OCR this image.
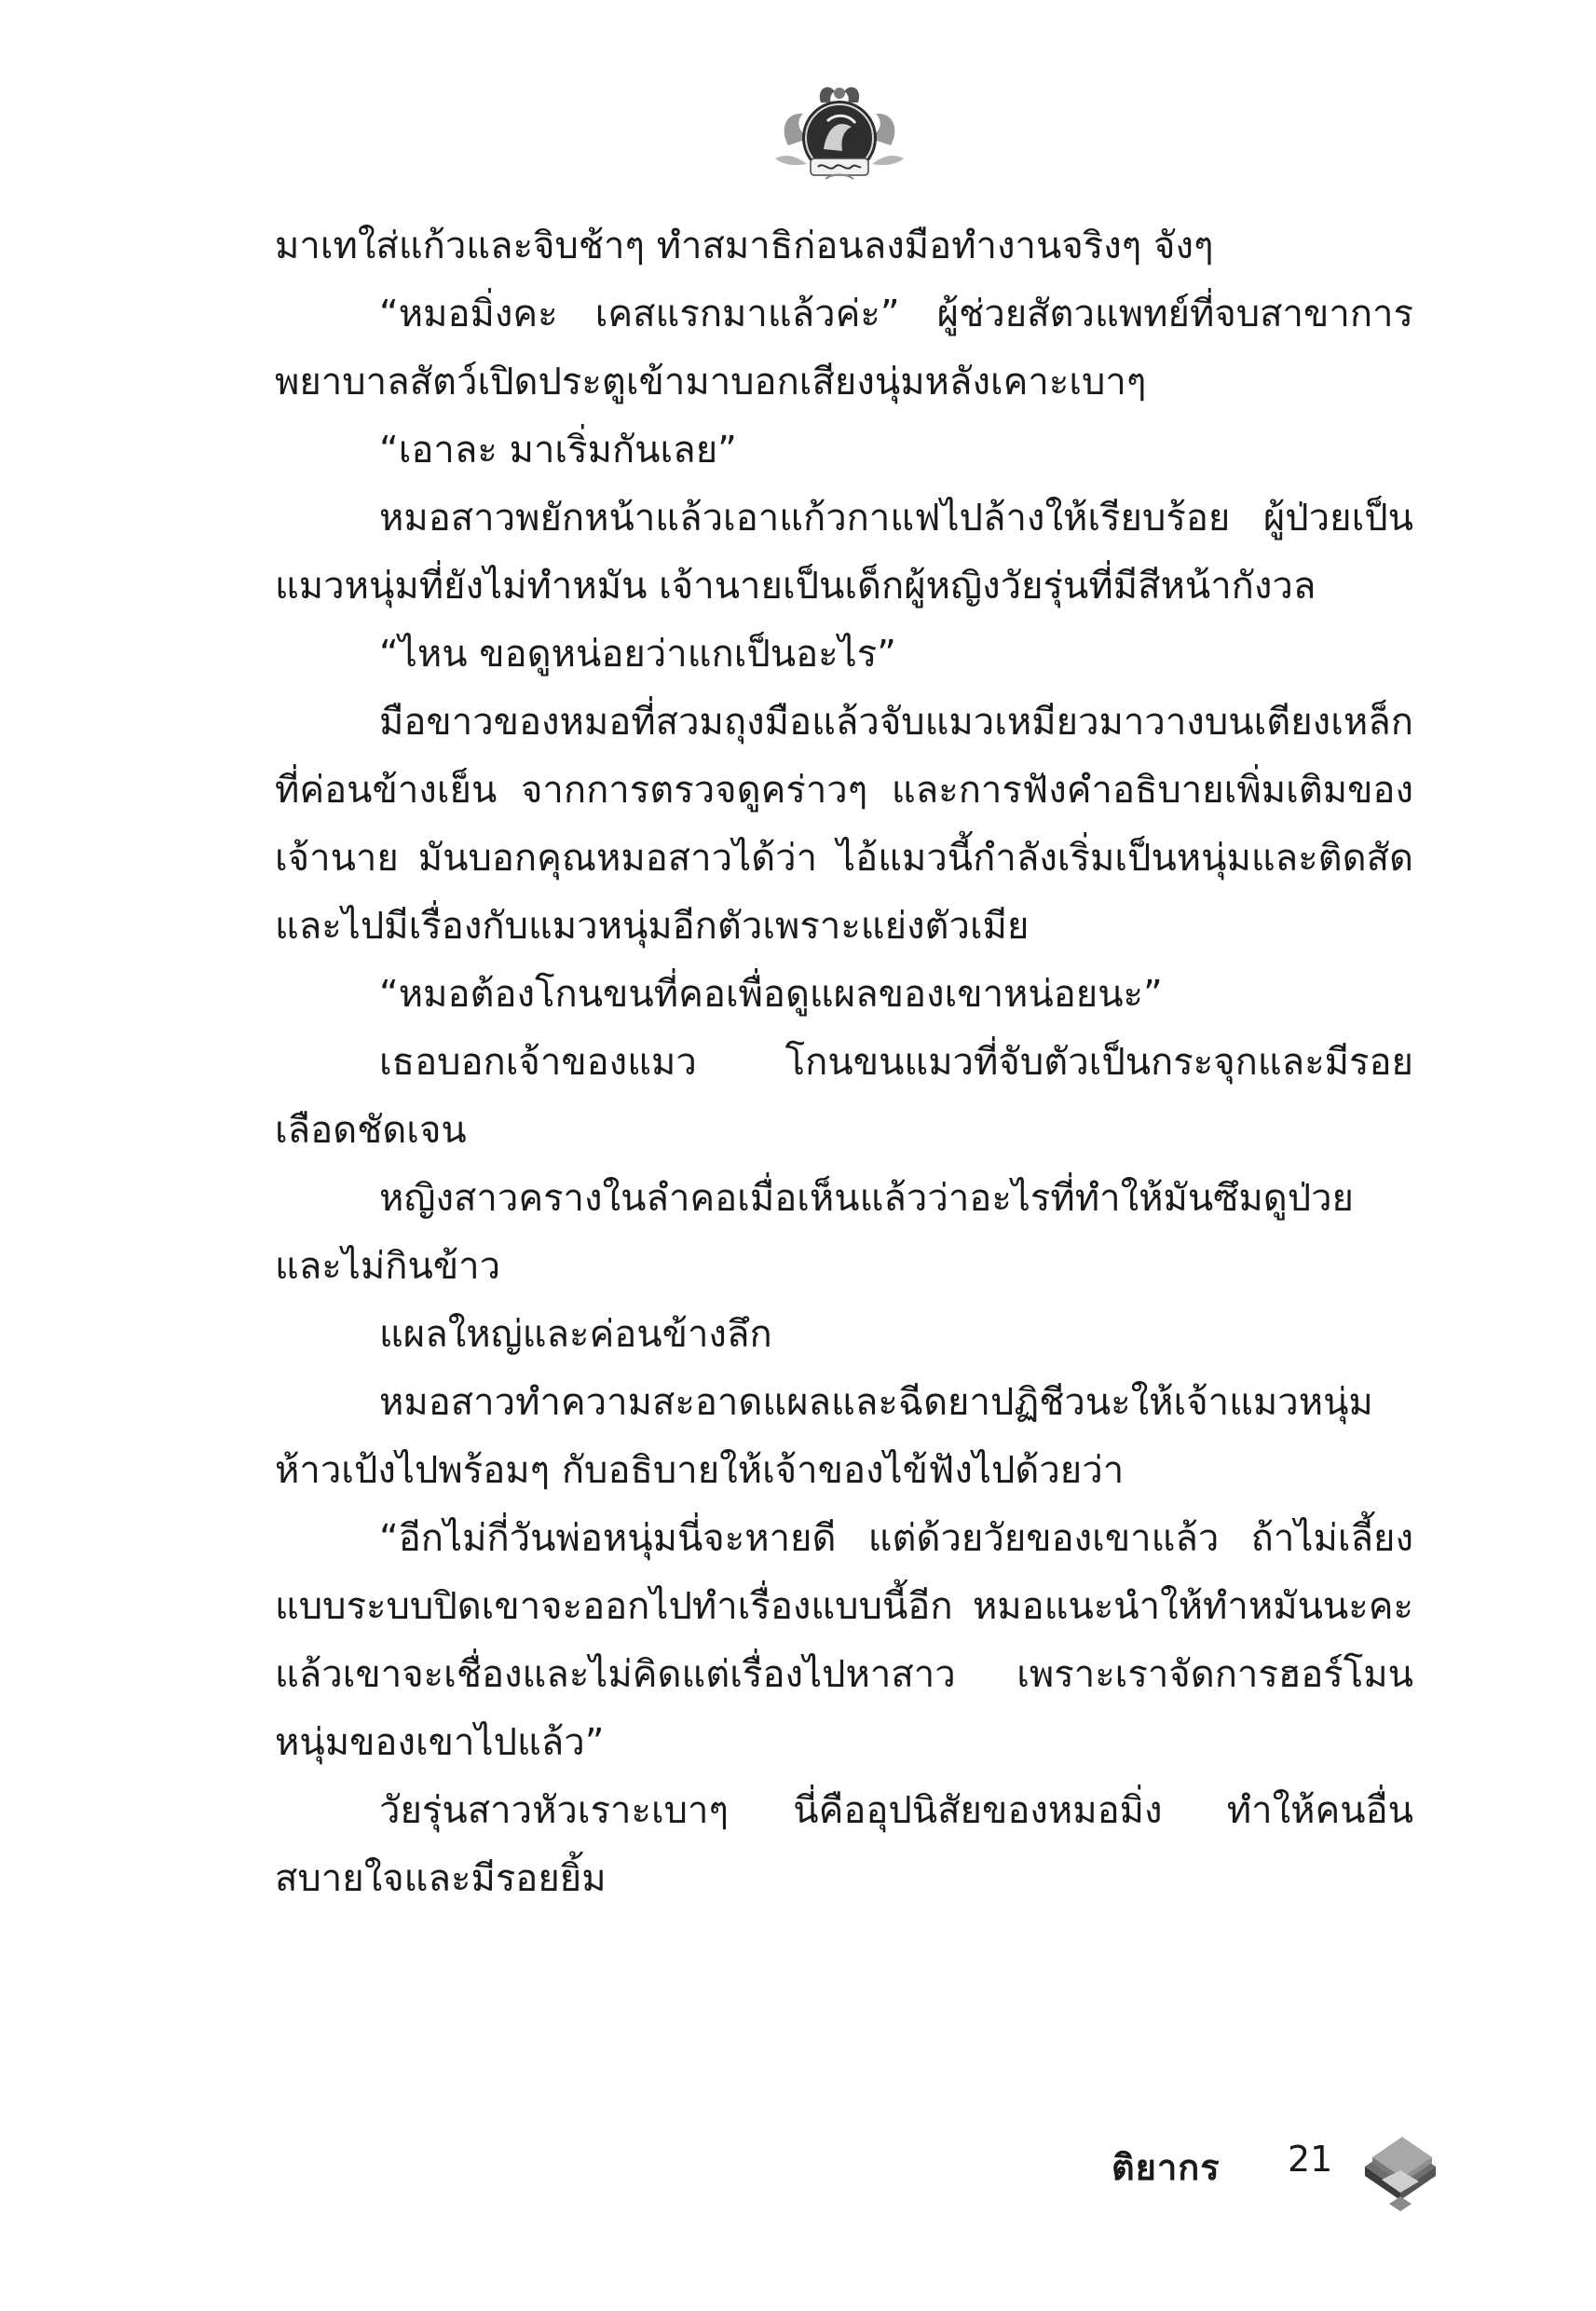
มาเทใส่แก้วและจิบช้าๆ ทำสมาธิก่อนลงมือทำงานจริงๆ จังๆ

“หมอมิ่งคะ เคสแรกมาแล้วค่ะ” ผู้ช่วยสัตวแพทย์ที่จบสาขาการพยาบาลสัตว์เปิดประตูเข้ามาบอกเสียงนุ่มหลังเคาะเบาๆ

“เอาละ มาเริ่มกันเลย”

หมอสาวพยักหน้าแล้วเอาแก้วกาแฟไปล้างให้เรียบร้อย ผู้ป่วยเป็นแมวหนุ่มที่ยังไม่ทำหมัน เจ้านายเป็นเด็กผู้หญิงวัยรุ่นที่มีสีหน้ากังวล

“ไหน ขอดูหน่อยว่าแกเป็นอะไร”

มือขาวของหมอที่สวมถุงมือแล้วจับแมวเหมียวมาวางบนเตียงเหล็กที่ค่อนข้างเย็น จากการตรวจดูคร่าวๆ และการฟังคำอธิบายเพิ่มเติมของเจ้านาย มันบอกคุณหมอสาวได้ว่า ไอ้แมวนี้กำลังเริ่มเป็นหนุ่มและติดสัด และไปมีเรื่องกับแมวหนุ่มอีกตัวเพราะแย่งตัวเมีย

“หมอต้องโกนขนที่คอเพื่อดูแผลของเขาหน่อยนะ”

เธอบอกเจ้าของแมว โกนขนแมวที่จับตัวเป็นกระจุกและมีรอยเลือดชัดเจน

หญิงสาวครางในลำคอเมื่อเห็นแล้วว่าอะไรที่ทำให้มันซึมดูป่วยและไม่กินข้าว

แผลใหญ่และค่อนข้างลึก

หมอสาวทำความสะอาดแผลและฉีดยาปฏิชีวนะให้เจ้าแมวหนุ่มห้าวเป้งไปพร้อมๆ กับอธิบายให้เจ้าของไข้ฟังไปด้วยว่า

“อีกไม่กี่วันพ่อหนุ่มนี่จะหายดี แต่ด้วยวัยของเขาแล้ว ถ้าไม่เลี้ยงแบบระบบปิดเขาจะออกไปทำเรื่องแบบนี้อีก หมอแนะนำให้ทำหมันนะคะ แล้วเขาจะเชื่องและไม่คิดแต่เรื่องไปหาสาว เพราะเราจัดการฮอร์โมนหนุ่มของเขาไปแล้ว”

วัยรุ่นสาวหัวเราะเบาๆ นี่คืออุปนิสัยของหมอมิ่ง ทำให้คนอื่นสบายใจและมีรอยยิ้ม

ติยากร 21
